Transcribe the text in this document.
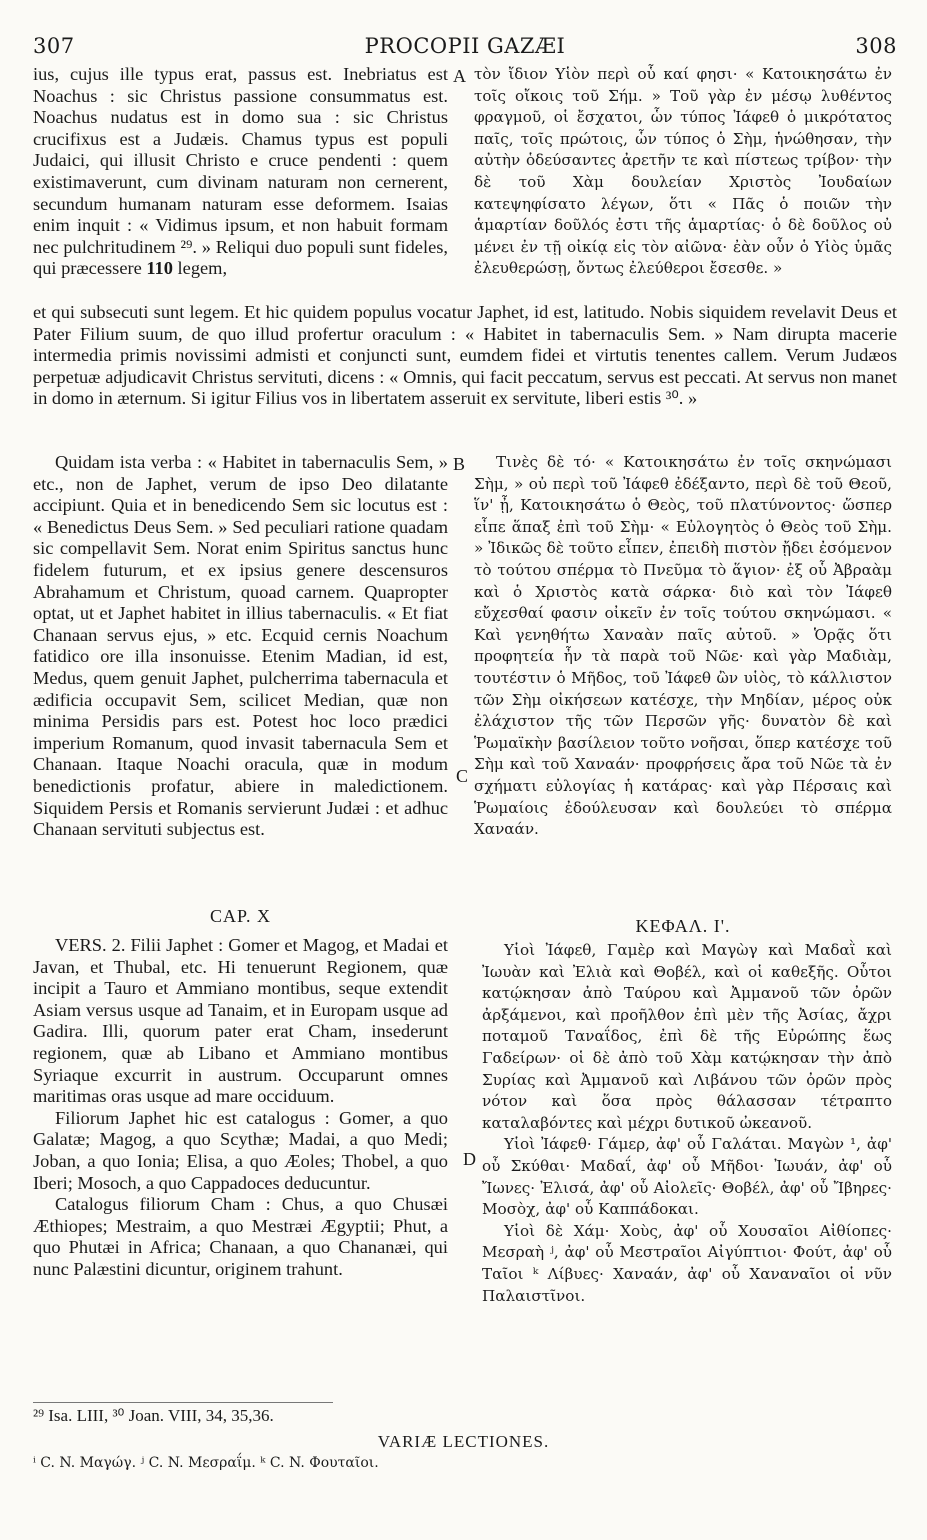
307	PROCOPII GAZÆI	308

ius, cujus ille typus erat, passus est. Inebriatus est Noachus : sic Christus passione consummatus est. Noachus nudatus est in domo sua : sic Christus crucifixus est a Judæis. Chamus typus est populi Judaici, qui illusit Christo e cruce pendenti : quem existimaverunt, cum divinam naturam non cernerent, secundum humanam naturam esse deformem. Isaias enim inquit : « Vidimus ipsum, et non habuit formam nec pulchritudinem ²⁹. » Reliqui duo populi sunt fideles, qui præcessere 110 legem,

A τὸν ἴδιον Υἱὸν περὶ οὗ καί φησι· « Κατοικησάτω ἐν τοῖς οἴκοις τοῦ Σήμ. » Τοῦ γὰρ ἐν μέσῳ λυθέντος φραγμοῦ, οἱ ἔσχατοι, ὧν τύπος Ἰάφεθ ὁ μικρότατος παῖς, τοῖς πρώτοις, ὧν τύπος ὁ Σὴμ, ἡνώθησαν, τὴν αὐτὴν ὁδεύσαντες ἀρετῆν τε καὶ πίστεως τρίβον· τὴν δὲ τοῦ Χὰμ δουλείαν Χριστὸς Ἰουδαίων κατεψηφίσατο λέγων, ὅτι « Πᾶς ὁ ποιῶν τὴν ἁμαρτίαν δοῦλός ἐστι τῆς ἁμαρτίας· ὁ δὲ δοῦλος οὐ μένει ἐν τῇ οἰκίᾳ εἰς τὸν αἰῶνα· ἐὰν οὖν ὁ Υἱὸς ὑμᾶς ἐλευθερώσῃ, ὄντως ἐλεύθεροι ἔσεσθε. »

et qui subsecuti sunt legem. Et hic quidem populus vocatur Japhet, id est, latitudo. Nobis siquidem revelavit Deus et Pater Filium suum, de quo illud profertur oraculum : « Habitet in tabernaculis Sem. » Nam dirupta macerie intermedia primis novissimi admisti et conjuncti sunt, eumdem fidei et virtutis tenentes callem. Verum Judæos perpetuæ adjudicavit Christus servituti, dicens : « Omnis, qui facit peccatum, servus est peccati. At servus non manet in domo in æternum. Si igitur Filius vos in libertatem asseruit ex servitute, liberi estis ³⁰. »

Quidam ista verba : « Habitet in tabernaculis Sem, » etc., non de Japhet, verum de ipso Deo dilatante accipiunt. Quia et in benedicendo Sem sic locutus est : « Benedictus Deus Sem. » Sed peculiari ratione quadam sic compellavit Sem. Norat enim Spiritus sanctus hunc fidelem futurum, et ex ipsius genere descensuros Abrahamum et Christum, quoad carnem. Quapropter optat, ut et Japhet habitet in illius tabernaculis. « Et fiat Chanaan servus ejus, » etc. Ecquid cernis Noachum fatidico ore illa insonuisse. Etenim Madian, id est, Medus, quem genuit Japhet, pulcherrima tabernacula et ædificia occupavit Sem, scilicet Median, quæ non minima Persidis pars est. Potest hoc loco prædici imperium Romanum, quod invasit tabernacula Sem et Chanaan. Itaque Noachi oracula, quæ in modum benedictionis profatur, abiere in maledictionem. Siquidem Persis et Romanis servierunt Judæi : et adhuc Chanaan servituti subjectus est.

B
C

Τινὲς δὲ τό· « Κατοικησάτω ἐν τοῖς σκηνώμασι Σὴμ, » οὐ περὶ τοῦ Ἰάφεθ ἐδέξαντο, περὶ δὲ τοῦ Θεοῦ, ἵν' ᾖ, Κατοικησάτω ὁ Θεὸς, τοῦ πλατύνοντος· ὥσπερ εἶπε ἅπαξ ἐπὶ τοῦ Σὴμ· « Εὐλογητὸς ὁ Θεὸς τοῦ Σὴμ. » Ἰδικῶς δὲ τοῦτο εἶπεν, ἐπειδὴ πιστὸν ᾔδει ἐσόμενον τὸ τούτου σπέρμα τὸ Πνεῦμα τὸ ἅγιον· ἐξ οὗ Ἀβραὰμ καὶ ὁ Χριστὸς κατὰ σάρκα· διὸ καὶ τὸν Ἰάφεθ εὔχεσθαί φασιν οἰκεῖν ἐν τοῖς τούτου σκηνώμασι. « Καὶ γενηθήτω Χαναὰν παῖς αὐτοῦ. » Ὁρᾷς ὅτι προφητεία ἦν τὰ παρὰ τοῦ Νῶε· καὶ γὰρ Μαδιὰμ, τουτέστιν ὁ Μῆδος, τοῦ Ἰάφεθ ὢν υἱὸς, τὸ κάλλιστον τῶν Σὴμ οἰκήσεων κατέσχε, τὴν Μηδίαν, μέρος οὐκ ἐλάχιστον τῆς τῶν Περσῶν γῆς· δυνατὸν δὲ καὶ Ῥωμαϊκὴν βασίλειον τοῦτο νοῆσαι, ὅπερ κατέσχε τοῦ Σὴμ καὶ τοῦ Χαναάν· προφρήσεις ἄρα τοῦ Νῶε τὰ ἐν σχήματι εὐλογίας ἡ κατάρας· καὶ γὰρ Πέρσαις καὶ Ῥωμαίοις ἐδούλευσαν καὶ δουλεύει τὸ σπέρμα Χαναάν.

CAP. X	ΚΕΦΑΛ. Ι'.

VERS. 2. Filii Japhet : Gomer et Magog, et Madai et Javan, et Thubal, etc. Hi tenuerunt Regionem, quæ incipit a Tauro et Ammiano montibus, seque extendit Asiam versus usque ad Tanaim, et in Europam usque ad Gadira. Illi, quorum pater erat Cham, insederunt regionem, quæ ab Libano et Ammiano montibus Syriaque excurrit in austrum. Occuparunt omnes maritimas oras usque ad mare occiduum.

Filiorum Japhet hic est catalogus : Gomer, a quo Galatæ; Magog, a quo Scythæ; Madai, a quo Medi; Joban, a quo Ionia; Elisa, a quo Æoles; Thobel, a quo Iberi; Mosoch, a quo Cappadoces deducuntur.

Catalogus filiorum Cham : Chus, a quo Chusæi Æthiopes; Mestraim, a quo Mestræi Ægyptii; Phut, a quo Phutæi in Africa; Chanaan, a quo Chananæi, qui nunc Palæstini dicuntur, originem trahunt.

D

Υἱοὶ Ἰάφεθ, Γαμὲρ καὶ Μαγὼγ καὶ Μαδαῒ καὶ Ἰωυὰν καὶ Ἐλιὰ καὶ Θοβέλ, καὶ οἱ καθεξῆς. Οὗτοι κατῴκησαν ἀπὸ Ταύρου καὶ Ἀμμανοῦ τῶν ὀρῶν ἀρξάμενοι, καὶ προῆλθον ἐπὶ μὲν τῆς Ἀσίας, ἄχρι ποταμοῦ Ταναΐδος, ἐπὶ δὲ τῆς Εὐρώπης ἕως Γαδείρων· οἱ δὲ ἀπὸ τοῦ Χὰμ κατῴκησαν τὴν ἀπὸ Συρίας καὶ Ἀμμανοῦ καὶ Λιβάνου τῶν ὀρῶν πρὸς νότον καὶ ὅσα πρὸς θάλασσαν τέτραπτο καταλαβόντες καὶ μέχρι δυτικοῦ ὠκεανοῦ.

Υἱοὶ Ἰάφεθ· Γάμερ, ἀφ' οὗ Γαλάται. Μαγὼν ¹, ἀφ' οὗ Σκύθαι· Μαδαΐ, ἀφ' οὗ Μῆδοι· Ἰωυάν, ἀφ' οὗ Ἴωνες· Ἐλισά, ἀφ' οὗ Αἰολεῖς· Θοβέλ, ἀφ' οὗ Ἴβηρες· Μοσὸχ, ἀφ' οὗ Καππάδοκαι.

Υἱοὶ δὲ Χάμ· Χοὺς, ἀφ' οὗ Χουσαῖοι Αἰθίοπες· Μεσραὴ ʲ, ἀφ' οὗ Μεστραῖοι Αἰγύπτιοι· Φούτ, ἀφ' οὗ Ταῖοι ᵏ Λίβυες· Χαναάν, ἀφ' οὗ Χαναναῖοι οἱ νῦν Παλαιστῖνοι.

²⁹ Isa. LIII, ³⁰ Joan. VIII, 34, 35,36.
VARIÆ LECTIONES.
ⁱ C. N. Μαγώγ. ʲ C. N. Μεσραΐμ. ᵏ C. N. Φουταῖοι.
